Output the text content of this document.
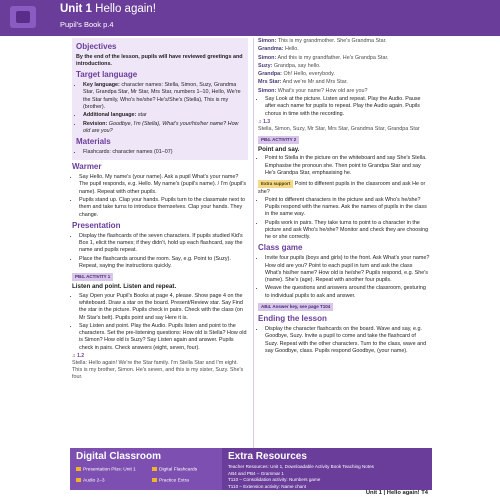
Unit 1 Hello again!
Pupil's Book p.4
Objectives

By the end of the lesson, pupils will have reviewed greetings and introductions.

Target language
• Key language: character names: Stella, Simon, Suzy, Grandma Star, Grandpa Star, Mr Star, Mrs Star, numbers 1–10, Hello, We're the Star family, Who's he/she? He's/She's (Stella), This is my (brother).
• Additional language: star
• Revision: Goodbye, I'm (Stella), What's your/his/her name? How old are you?
Materials
• Flashcards: character names (01–07)
Warmer
• Say Hello. My name's (your name). Ask a pupil What's your name? The pupil responds, e.g. Hello. My name's (pupil's name). / I'm (pupil's name). Repeat with other pupils.
• Pupils stand up. Clap your hands. Pupils turn to the classmate next to them and take turns to introduce themselves. Clap your hands. They change.
Presentation
• Display the flashcards of the seven characters. If pupils studied Kid's Box 1, elicit the names; if they didn't, hold up each flashcard, say the name and pupils repeat.
• Place the flashcards around the room. Say, e.g. Point to (Suzy). Repeat, saying the instructions quickly.
PB4. ACTIVITY 1
Listen and point. Listen and repeat.
• Say Open your Pupil's Books at page 4, please. Show page 4 on the whiteboard. Draw a star on the board. Present/Review star. Say Find the star in the picture. Pupils check in pairs. Check with the class (on Mr Star's belt). Pupils point and say Here it is.
• Say Listen and point. Play the Audio. Pupils listen and point to the characters. Set the pre-listening questions: How old is Stella? How old is Simon? How old is Suzy? Say Listen again and answer. Pupils check in pairs. Check answers (eight, seven, four).
♫ 1.2

Stella: Hello again! We're the Star family. I'm Stella Star and I'm eight. This is my brother, Simon. He's seven, and this is my sister, Suzy. She's four.

Simon: This is my grandmother. She's Grandma Star.

Grandma: Hello.

Simon: And this is my grandfather. He's Grandpa Star.

Suzy: Grandpa, say hello.

Grandpa: Oh! Hello, everybody.

Mrs Star: And we're Mr and Mrs Star.

Simon: What's your name? How old are you?

• Say Look at the picture. Listen and repeat. Play the Audio. Pause after each name for pupils to repeat. Play the Audio again. Pupils chorus in time with the recording.
♫ 1.3

Stella, Simon, Suzy, Mr Star, Mrs Star, Grandma Star, Grandpa Star

PB4. ACTIVITY 2
Point and say.
• Point to Stella in the picture on the whiteboard and say She's Stella. Emphasise the pronoun she. Then point to Grandpa Star and say He's Grandpa Star, emphasising he.
Extra support Point to different pupils in the classroom and ask He or she?
• Point to different characters in the picture and ask Who's he/she? Pupils respond with the names. Ask the names of pupils in the class in the same way.
• Pupils work in pairs. They take turns to point to a character in the picture and ask Who's he/she? Monitor and check they are choosing he or she correctly.
Class game
• Invite four pupils (boys and girls) to the front. Ask What's your name? How old are you? Point to each pupil in turn and ask the class What's his/her name? How old is he/she? Pupils respond, e.g. She's (name). She's (age). Repeat with another four pupils.
• Weave the questions and answers around the classroom, gesturing to individual pupils to ask and answer.
AB4. Answer key, see page T104
Ending the lesson
• Display the character flashcards on the board. Wave and say, e.g. Goodbye, Suzy. Invite a pupil to come and take the flashcard of Suzy. Repeat with the other characters. Turn to the class, wave and say Goodbye, class. Pupils respond Goodbye, (your name).
Digital Classroom
Presentation Plus: Unit 1
Audio 2–3
Digital Flashcards
Practice Extra
Extra Resources
Teacher Resources: Unit 1, Downloadable Activity Book Teaching Notes
AB4 and PB4 – Grammar 1
T110 – Consolidation activity: Numbers game
T110 – Extension activity: Name chant
Unit 1 | Hello again! T4
